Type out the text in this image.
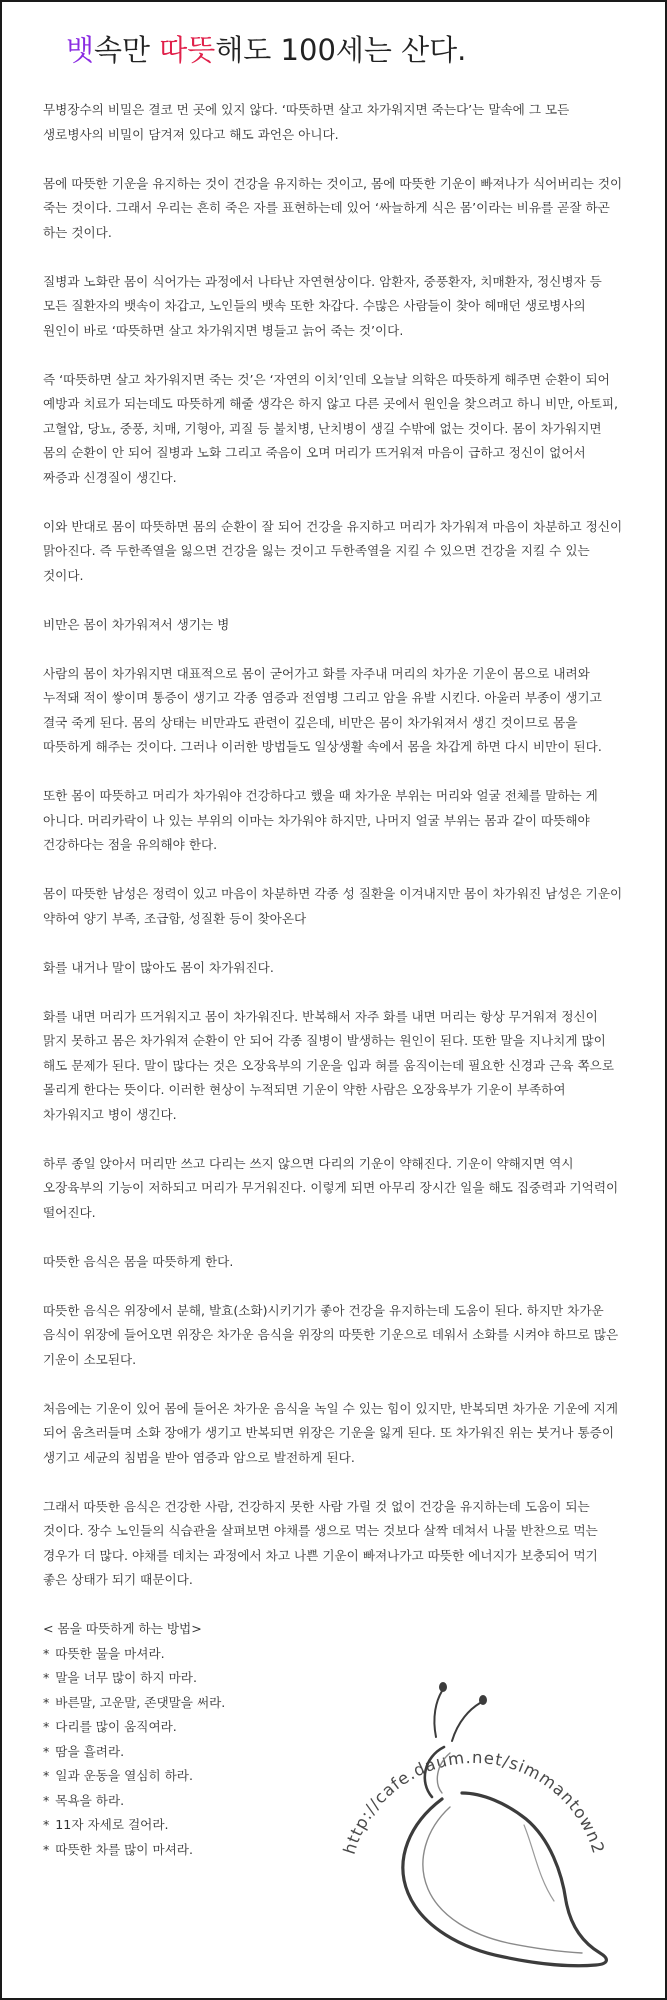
뱃속만 따뜻해도 100세는 산다.

무병장수의 비밀은 결코 먼 곳에 있지 않다. ‘따뜻하면 살고 차가워지면 죽는다’는 말속에 그 모든 생로병사의 비밀이 담겨져 있다고 해도 과언은 아니다.

몸에 따뜻한 기운을 유지하는 것이 건강을 유지하는 것이고, 몸에 따뜻한 기운이 빠져나가 식어버리는 것이 죽는 것이다. 그래서 우리는 흔히 죽은 자를 표현하는데 있어 ‘싸늘하게 식은 몸’이라는 비유를 곧잘 하곤 하는 것이다.

질병과 노화란 몸이 식어가는 과정에서 나타난 자연현상이다. 암환자, 중풍환자, 치매환자, 정신병자 등 모든 질환자의 뱃속이 차갑고, 노인들의 뱃속 또한 차갑다. 수많은 사람들이 찾아 헤매던 생로병사의 원인이 바로 ‘따뜻하면 살고 차가워지면 병들고 늙어 죽는 것’이다.

즉 ‘따뜻하면 살고 차가워지면 죽는 것’은 ‘자연의 이치’인데 오늘날 의학은 따뜻하게 해주면 순환이 되어 예방과 치료가 되는데도 따뜻하게 해줄 생각은 하지 않고 다른 곳에서 원인을 찾으려고 하니 비만, 아토피, 고혈압, 당뇨, 중풍, 치매, 기형아, 괴질 등 불치병, 난치병이 생길 수밖에 없는 것이다. 몸이 차가워지면 몸의 순환이 안 되어 질병과 노화 그리고 죽음이 오며 머리가 뜨거워져 마음이 급하고 정신이 없어서 짜증과 신경질이 생긴다.

이와 반대로 몸이 따뜻하면 몸의 순환이 잘 되어 건강을 유지하고 머리가 차가워져 마음이 차분하고 정신이 맑아진다. 즉 두한족열을 잃으면 건강을 잃는 것이고 두한족열을 지킬 수 있으면 건강을 지킬 수 있는 것이다.

비만은 몸이 차가워져서 생기는 병

사람의 몸이 차가워지면 대표적으로 몸이 굳어가고 화를 자주내 머리의 차가운 기운이 몸으로 내려와 누적돼 적이 쌓이며 통증이 생기고 각종 염증과 전염병 그리고 암을 유발 시킨다. 아울러 부종이 생기고 결국 죽게 된다. 몸의 상태는 비만과도 관련이 깊은데, 비만은 몸이 차가워져서 생긴 것이므로 몸을 따뜻하게 해주는 것이다. 그러나 이러한 방법들도 일상생활 속에서 몸을 차갑게 하면 다시 비만이 된다.

또한 몸이 따뜻하고 머리가 차가워야 건강하다고 했을 때 차가운 부위는 머리와 얼굴 전체를 말하는 게 아니다. 머리카락이 나 있는 부위의 이마는 차가워야 하지만, 나머지 얼굴 부위는 몸과 같이 따뜻해야 건강하다는 점을 유의해야 한다.

몸이 따뜻한 남성은 정력이 있고 마음이 차분하면 각종 성 질환을 이겨내지만 몸이 차가워진 남성은 기운이 약하여 양기 부족, 조급함, 성질환 등이 찾아온다

화를 내거나 말이 많아도 몸이 차가워진다.

화를 내면 머리가 뜨거워지고 몸이 차가워진다. 반복해서 자주 화를 내면 머리는 항상 무거워져 정신이 맑지 못하고 몸은 차가워져 순환이 안 되어 각종 질병이 발생하는 원인이 된다. 또한 말을 지나치게 많이 해도 문제가 된다. 말이 많다는 것은 오장육부의 기운을 입과 혀를 움직이는데 필요한 신경과 근육 쪽으로 몰리게 한다는 뜻이다. 이러한 현상이 누적되면 기운이 약한 사람은 오장육부가 기운이 부족하여 차가워지고 병이 생긴다.

하루 종일 앉아서 머리만 쓰고 다리는 쓰지 않으면 다리의 기운이 약해진다. 기운이 약해지면 역시 오장육부의 기능이 저하되고 머리가 무거워진다. 이렇게 되면 아무리 장시간 일을 해도 집중력과 기억력이 떨어진다.

따뜻한 음식은 몸을 따뜻하게 한다.

따뜻한 음식은 위장에서 분해, 발효(소화)시키기가 좋아 건강을 유지하는데 도움이 된다. 하지만 차가운 음식이 위장에 들어오면 위장은 차가운 음식을 위장의 따뜻한 기운으로 데워서 소화를 시켜야 하므로 많은 기운이 소모된다.

처음에는 기운이 있어 몸에 들어온 차가운 음식을 녹일 수 있는 힘이 있지만, 반복되면 차가운 기운에 지게 되어 움츠러들며 소화 장애가 생기고 반복되면 위장은 기운을 잃게 된다. 또 차가워진 위는 붓거나 통증이 생기고 세균의 침범을 받아 염증과 암으로 발전하게 된다.

그래서 따뜻한 음식은 건강한 사람, 건강하지 못한 사람 가릴 것 없이 건강을 유지하는데 도움이 되는 것이다. 장수 노인들의 식습관을 살펴보면 야채를 생으로 먹는 것보다 살짝 데쳐서 나물 반찬으로 먹는 경우가 더 많다. 야채를 데치는 과정에서 차고 나쁜 기운이 빠져나가고 따뜻한 에너지가 보충되어 먹기 좋은 상태가 되기 때문이다.

< 몸을 따뜻하게 하는 방법>
* 따뜻한 물을 마셔라.
* 말을 너무 많이 하지 마라.
* 바른말, 고운말, 존댓말을 써라.
* 다리를 많이 움직여라.
* 땀을 흘려라.
* 일과 운동을 열심히 하라.
* 목욕을 하라.
* 11자 자세로 걸어라.
* 따뜻한 차를 많이 마셔라.	http://cafe.daum.net/simmantown2
